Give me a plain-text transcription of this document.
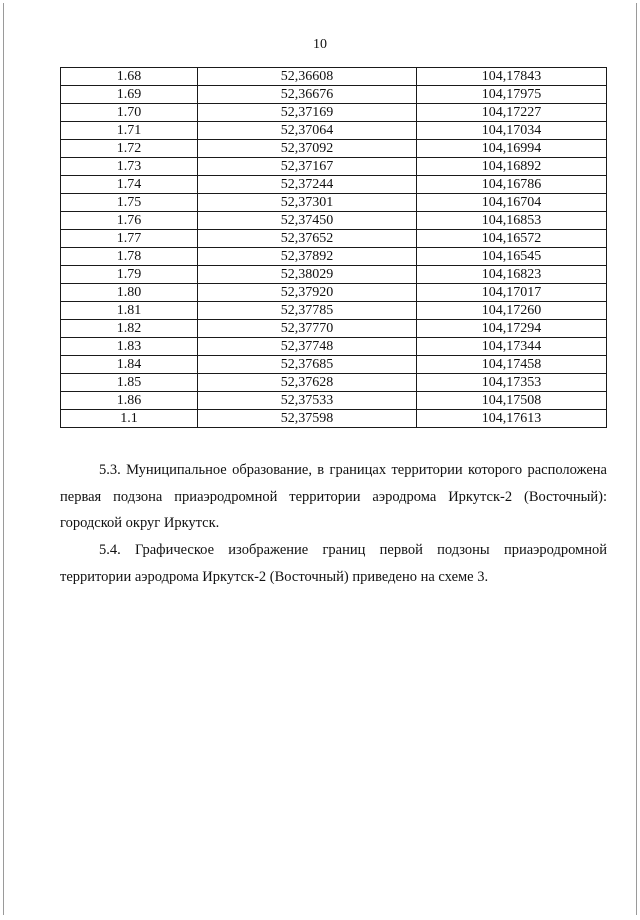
10
1.68	52,36608	104,17843
1.69	52,36676	104,17975
1.70	52,37169	104,17227
1.71	52,37064	104,17034
1.72	52,37092	104,16994
1.73	52,37167	104,16892
1.74	52,37244	104,16786
1.75	52,37301	104,16704
1.76	52,37450	104,16853
1.77	52,37652	104,16572
1.78	52,37892	104,16545
1.79	52,38029	104,16823
1.80	52,37920	104,17017
1.81	52,37785	104,17260
1.82	52,37770	104,17294
1.83	52,37748	104,17344
1.84	52,37685	104,17458
1.85	52,37628	104,17353
1.86	52,37533	104,17508
1.1	52,37598	104,17613

5.3. Муниципальное образование, в границах территории которого расположена первая подзона приаэродромной территории аэродрома Иркутск-2 (Восточный): городской округ Иркутск.

5.4. Графическое изображение границ первой подзоны приаэродромной территории аэродрома Иркутск-2 (Восточный) приведено на схеме 3.
